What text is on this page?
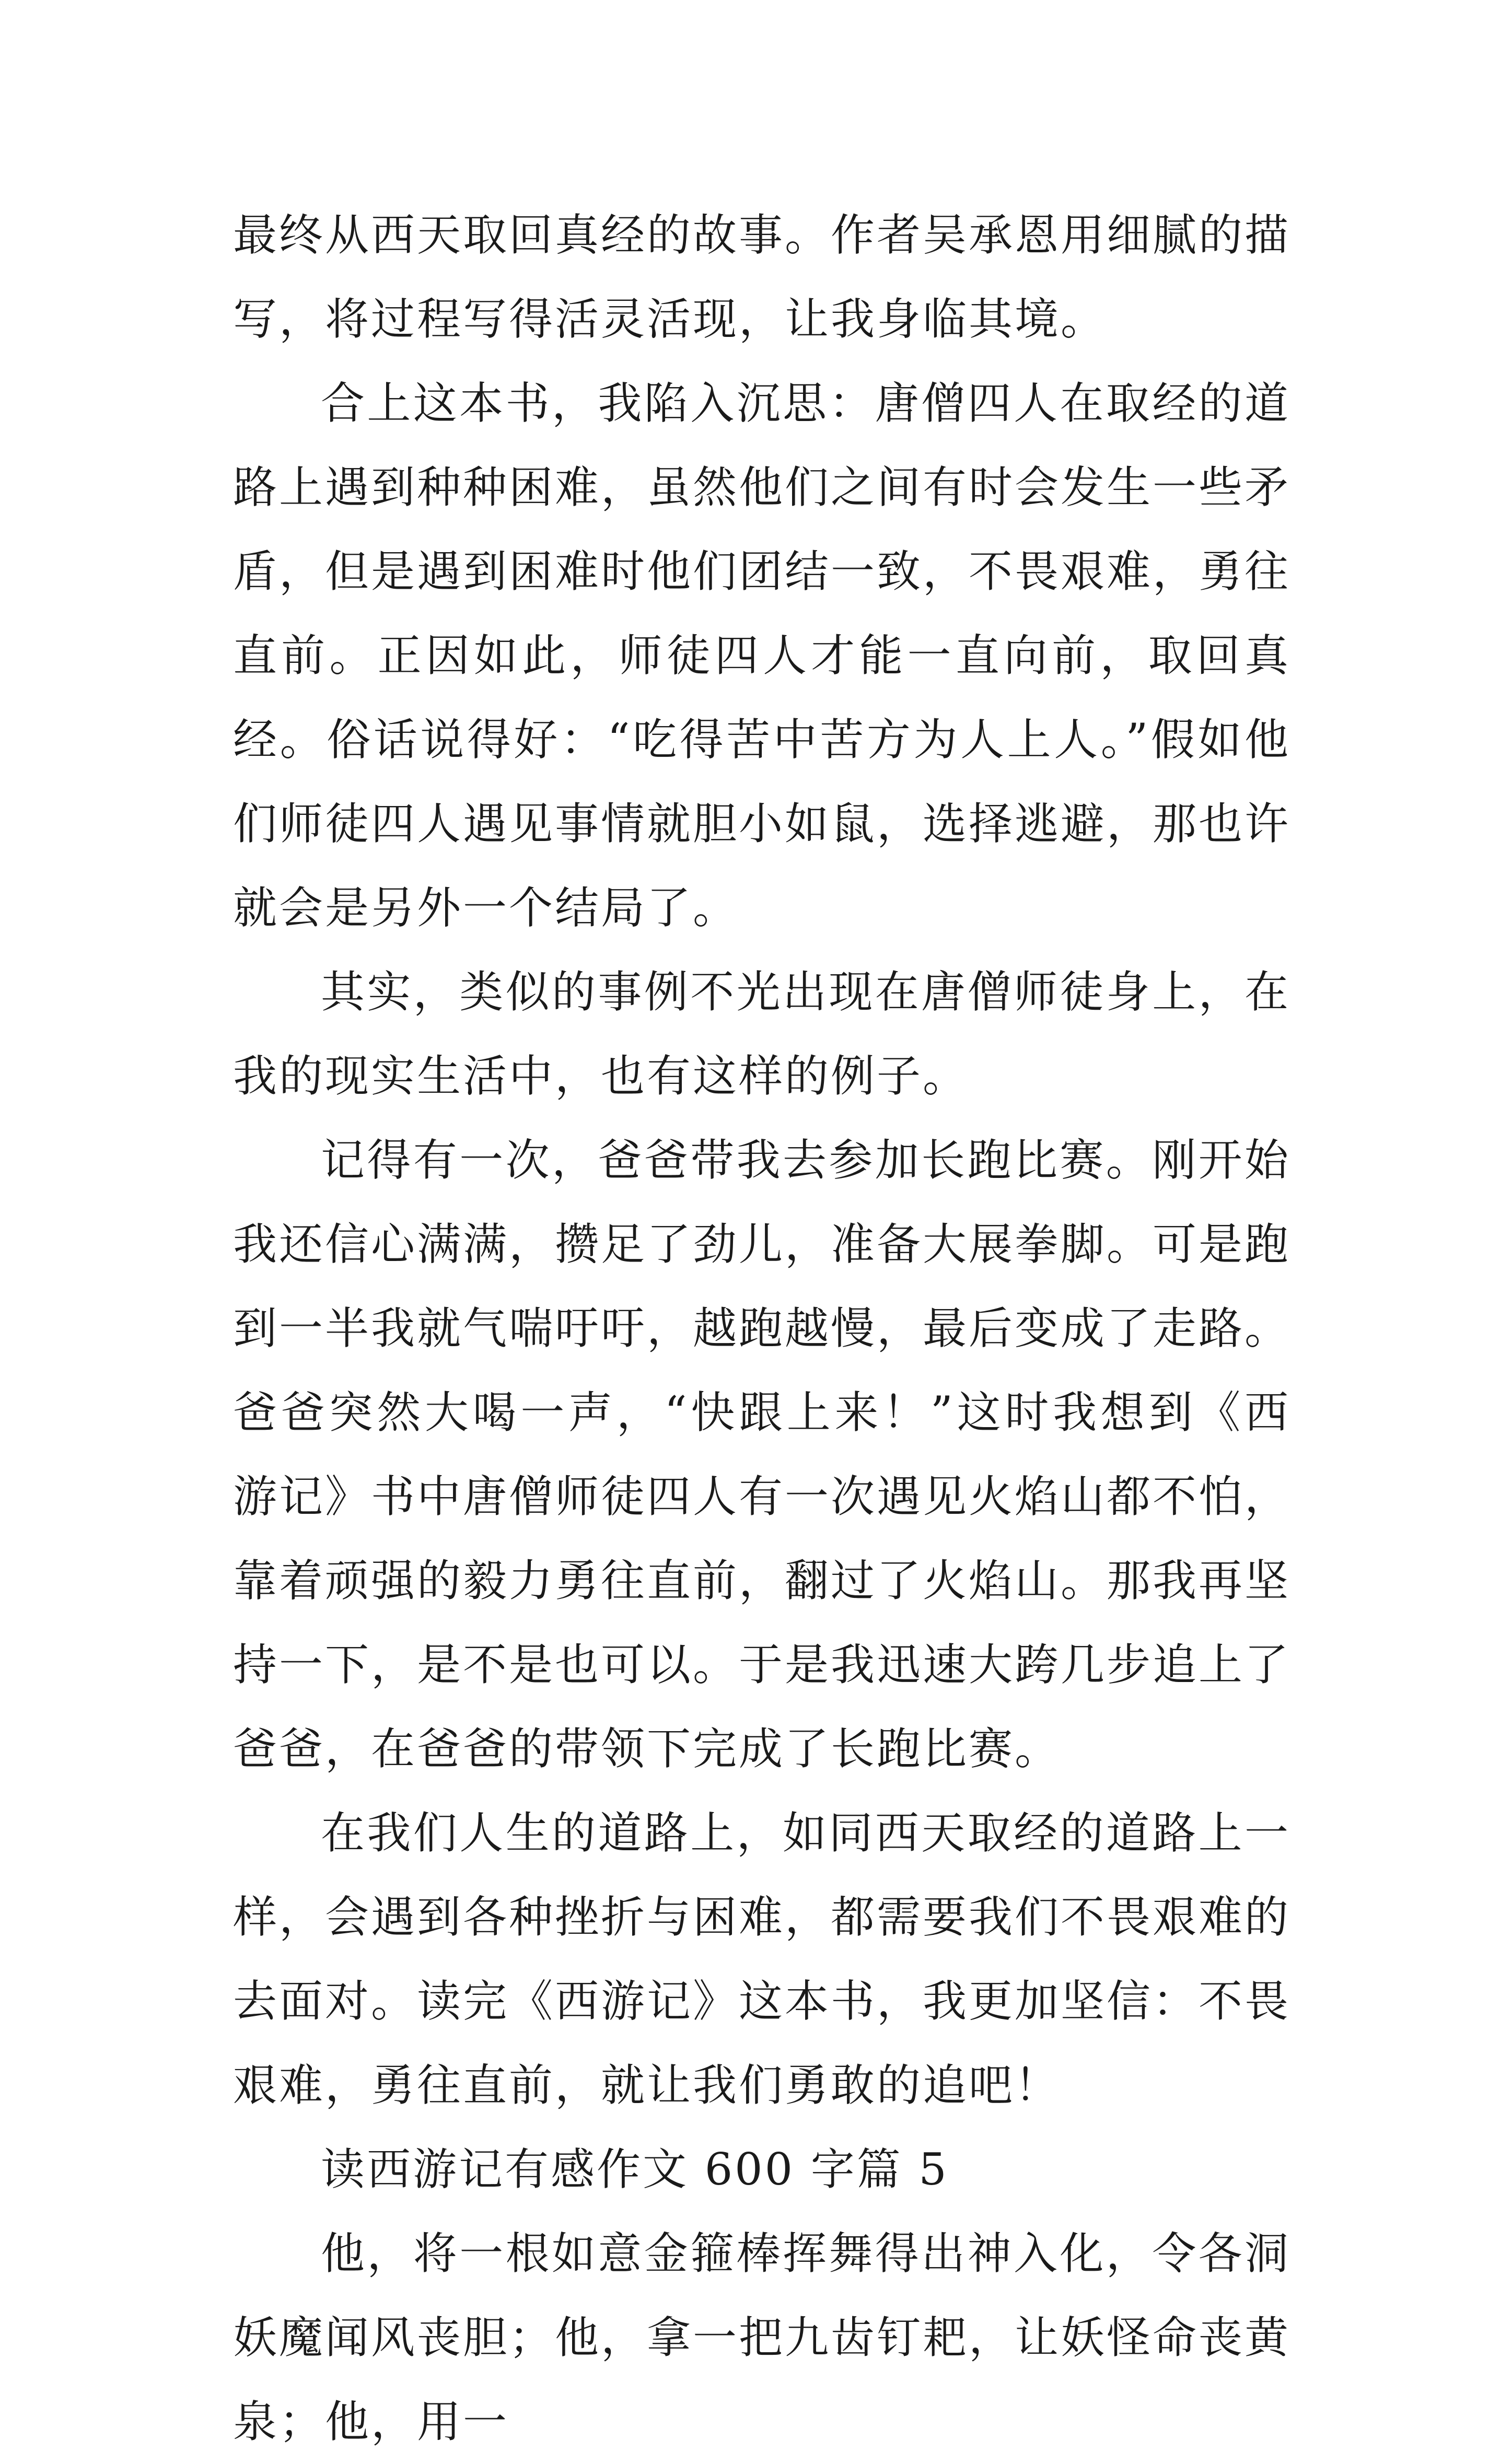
最终从西天取回真经的故事。作者吴承恩用细腻的描写，将过程写得活灵活现，让我身临其境。

合上这本书，我陷入沉思：唐僧四人在取经的道路上遇到种种困难，虽然他们之间有时会发生一些矛盾，但是遇到困难时他们团结一致，不畏艰难，勇往直前。正因如此，师徒四人才能一直向前，取回真经。俗话说得好：“吃得苦中苦方为人上人。”假如他们师徒四人遇见事情就胆小如鼠，选择逃避，那也许就会是另外一个结局了。

其实，类似的事例不光出现在唐僧师徒身上，在我的现实生活中，也有这样的例子。

记得有一次，爸爸带我去参加长跑比赛。刚开始我还信心满满，攒足了劲儿，准备大展拳脚。可是跑到一半我就气喘吁吁，越跑越慢，最后变成了走路。爸爸突然大喝一声，“快跟上来！”这时我想到《西游记》书中唐僧师徒四人有一次遇见火焰山都不怕，靠着顽强的毅力勇往直前，翻过了火焰山。那我再坚持一下，是不是也可以。于是我迅速大跨几步追上了爸爸，在爸爸的带领下完成了长跑比赛。

在我们人生的道路上，如同西天取经的道路上一样，会遇到各种挫折与困难，都需要我们不畏艰难的去面对。读完《西游记》这本书，我更加坚信：不畏艰难，勇往直前，就让我们勇敢的追吧！

读西游记有感作文 600 字篇 5

他，将一根如意金箍棒挥舞得出神入化，令各洞妖魔闻风丧胆；他，拿一把九齿钉耙，让妖怪命丧黄泉；他，用一
